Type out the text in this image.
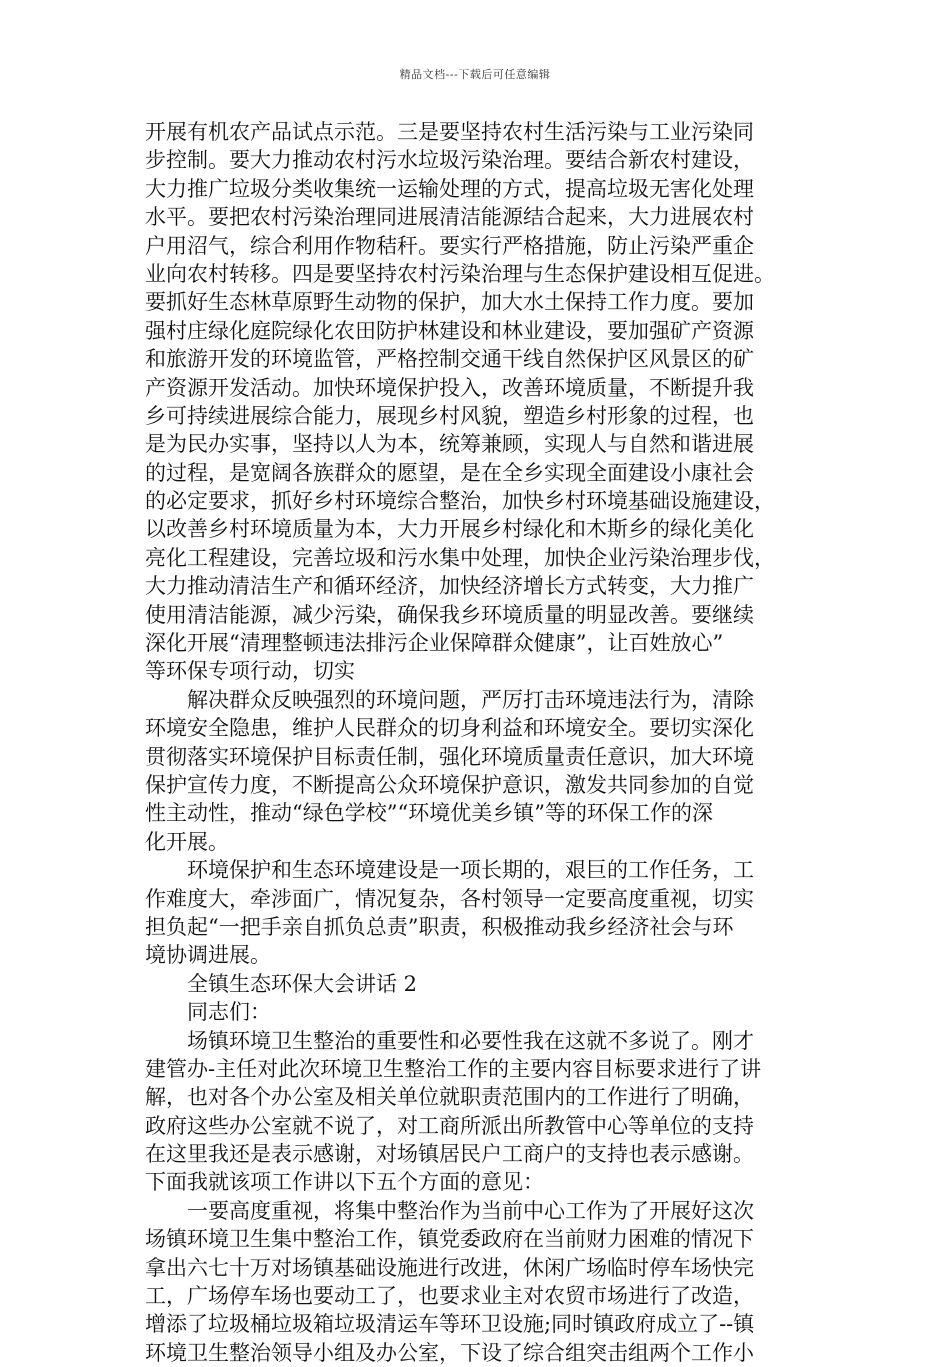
精品文档---下载后可任意编辑
开展有机农产品试点示范。三是要坚持农村生活污染与工业污染同
步控制。要大力推动农村污水垃圾污染治理。要结合新农村建设，
大力推广垃圾分类收集统一运输处理的方式，提高垃圾无害化处理
水平。要把农村污染治理同进展清洁能源结合起来，大力进展农村
户用沼气，综合利用作物秸秆。要实行严格措施，防止污染严重企
业向农村转移。四是要坚持农村污染治理与生态保护建设相互促进。
要抓好生态林草原野生动物的保护，加大水土保持工作力度。要加
强村庄绿化庭院绿化农田防护林建设和林业建设，要加强矿产资源
和旅游开发的环境监管，严格控制交通干线自然保护区风景区的矿
产资源开发活动。加快环境保护投入，改善环境质量，不断提升我
乡可持续进展综合能力，展现乡村风貌，塑造乡村形象的过程，也
是为民办实事，坚持以人为本，统筹兼顾，实现人与自然和谐进展
的过程，是宽阔各族群众的愿望，是在全乡实现全面建设小康社会
的必定要求，抓好乡村环境综合整治，加快乡村环境基础设施建设，
以改善乡村环境质量为本，大力开展乡村绿化和木斯乡的绿化美化
亮化工程建设，完善垃圾和污水集中处理，加快企业污染治理步伐，
大力推动清洁生产和循环经济，加快经济增长方式转变，大力推广
使用清洁能源，减少污染，确保我乡环境质量的明显改善。要继续
深化开展“清理整顿违法排污企业保障群众健康”，让百姓放心”
等环保专项行动，切实
解决群众反映强烈的环境问题，严厉打击环境违法行为，清除
环境安全隐患，维护人民群众的切身利益和环境安全。要切实深化
贯彻落实环境保护目标责任制，强化环境质量责任意识，加大环境
保护宣传力度，不断提高公众环境保护意识，激发共同参加的自觉
性主动性，推动“绿色学校”“环境优美乡镇”等的环保工作的深
化开展。
环境保护和生态环境建设是一项长期的，艰巨的工作任务，工
作难度大，牵涉面广，情况复杂，各村领导一定要高度重视，切实
担负起“一把手亲自抓负总责”职责，积极推动我乡经济社会与环
境协调进展。
全镇生态环保大会讲话 2
同志们：
场镇环境卫生整治的重要性和必要性我在这就不多说了。刚才
建管办-主任对此次环境卫生整治工作的主要内容目标要求进行了讲
解，也对各个办公室及相关单位就职责范围内的工作进行了明确，
政府这些办公室就不说了，对工商所派出所教管中心等单位的支持
在这里我还是表示感谢，对场镇居民户工商户的支持也表示感谢。
下面我就该项工作讲以下五个方面的意见：
一要高度重视，将集中整治作为当前中心工作为了开展好这次
场镇环境卫生集中整治工作，镇党委政府在当前财力困难的情况下
拿出六七十万对场镇基础设施进行改进，休闲广场临时停车场快完
工，广场停车场也要动工了，也要求业主对农贸市场进行了改造，
增添了垃圾桶垃圾箱垃圾清运车等环卫设施;同时镇政府成立了--镇
环境卫生整治领导小组及办公室，下设了综合组突击组两个工作小
